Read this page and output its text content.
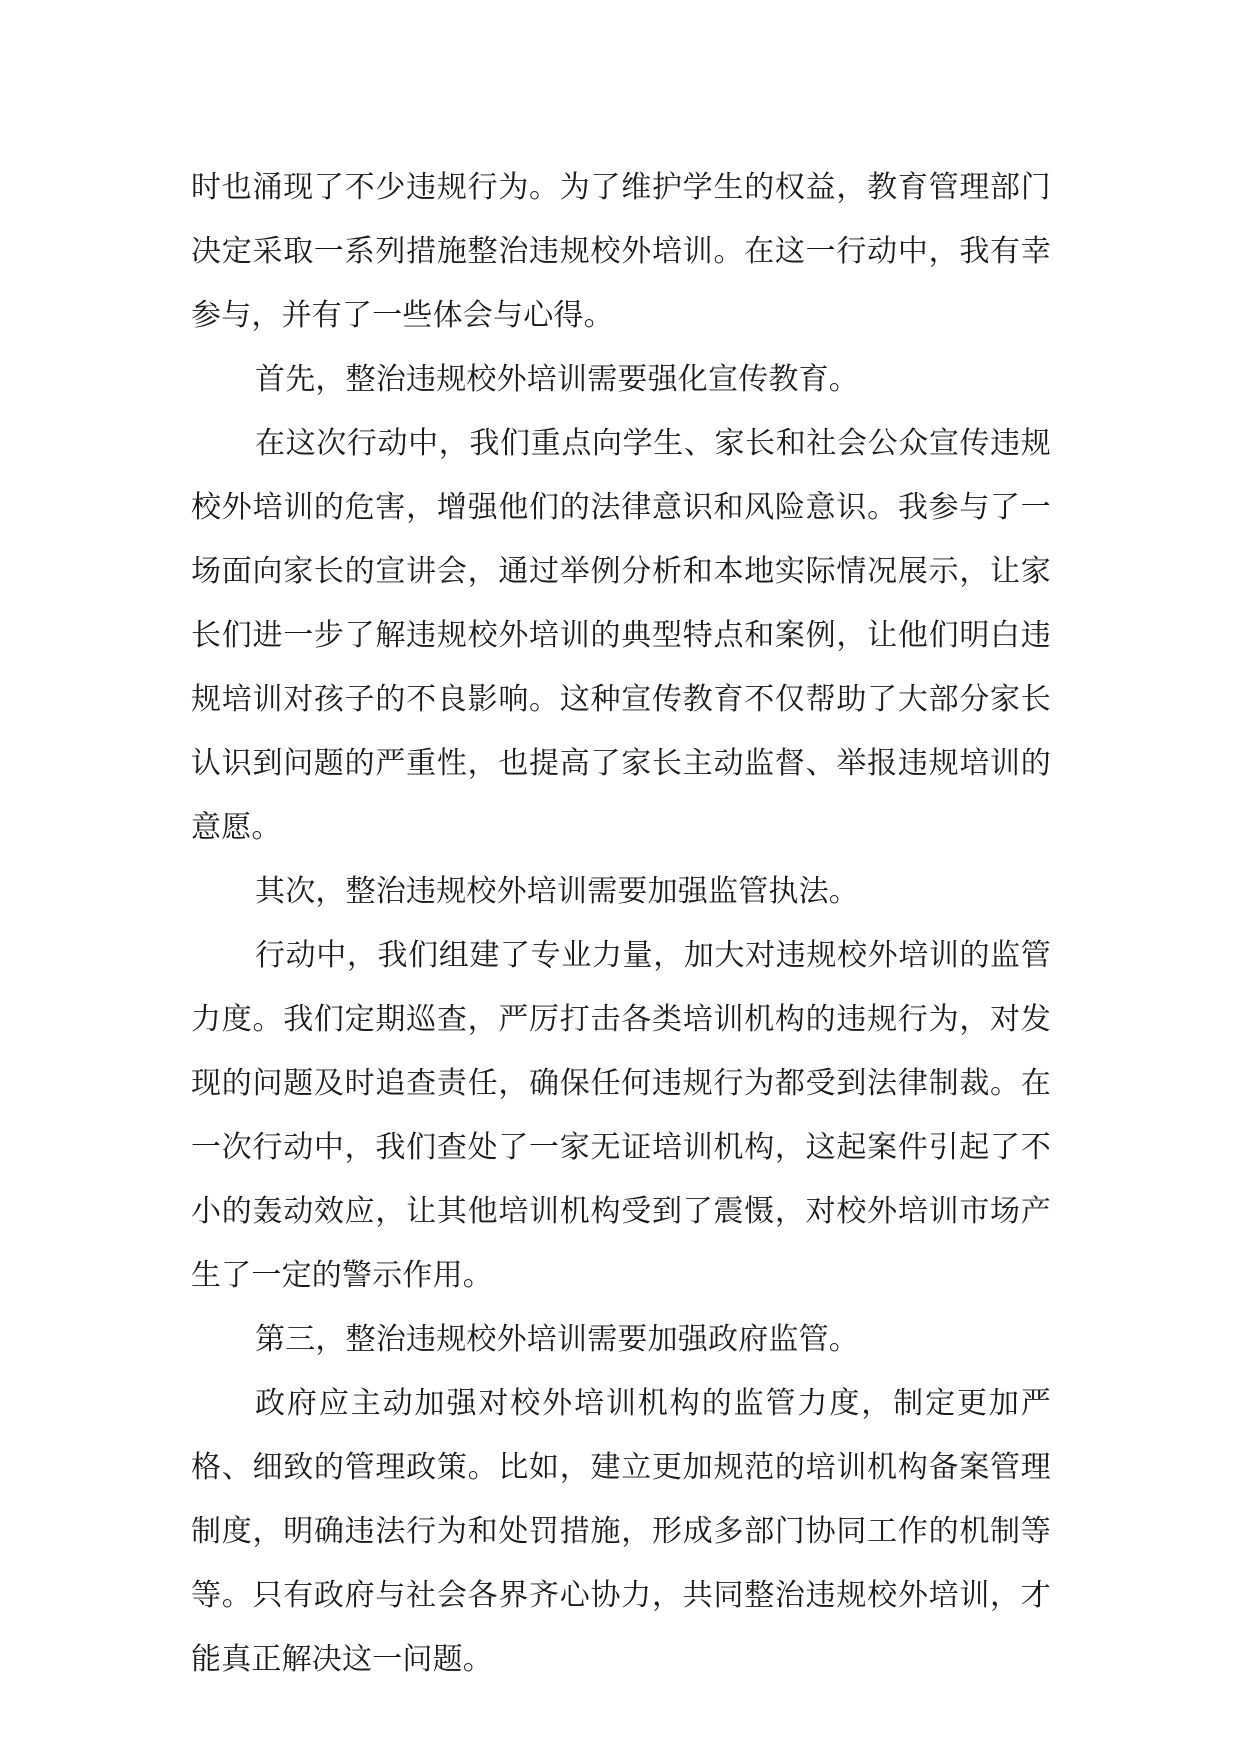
时也涌现了不少违规行为。为了维护学生的权益，教育管理部门决定采取一系列措施整治违规校外培训。在这一行动中，我有幸参与，并有了一些体会与心得。

首先，整治违规校外培训需要强化宣传教育。

在这次行动中，我们重点向学生、家长和社会公众宣传违规校外培训的危害，增强他们的法律意识和风险意识。我参与了一场面向家长的宣讲会，通过举例分析和本地实际情况展示，让家长们进一步了解违规校外培训的典型特点和案例，让他们明白违规培训对孩子的不良影响。这种宣传教育不仅帮助了大部分家长认识到问题的严重性，也提高了家长主动监督、举报违规培训的意愿。

其次，整治违规校外培训需要加强监管执法。

行动中，我们组建了专业力量，加大对违规校外培训的监管力度。我们定期巡查，严厉打击各类培训机构的违规行为，对发现的问题及时追查责任，确保任何违规行为都受到法律制裁。在一次行动中，我们查处了一家无证培训机构，这起案件引起了不小的轰动效应，让其他培训机构受到了震慑，对校外培训市场产生了一定的警示作用。

第三，整治违规校外培训需要加强政府监管。

政府应主动加强对校外培训机构的监管力度，制定更加严格、细致的管理政策。比如，建立更加规范的培训机构备案管理制度，明确违法行为和处罚措施，形成多部门协同工作的机制等等。只有政府与社会各界齐心协力，共同整治违规校外培训，才能真正解决这一问题。
